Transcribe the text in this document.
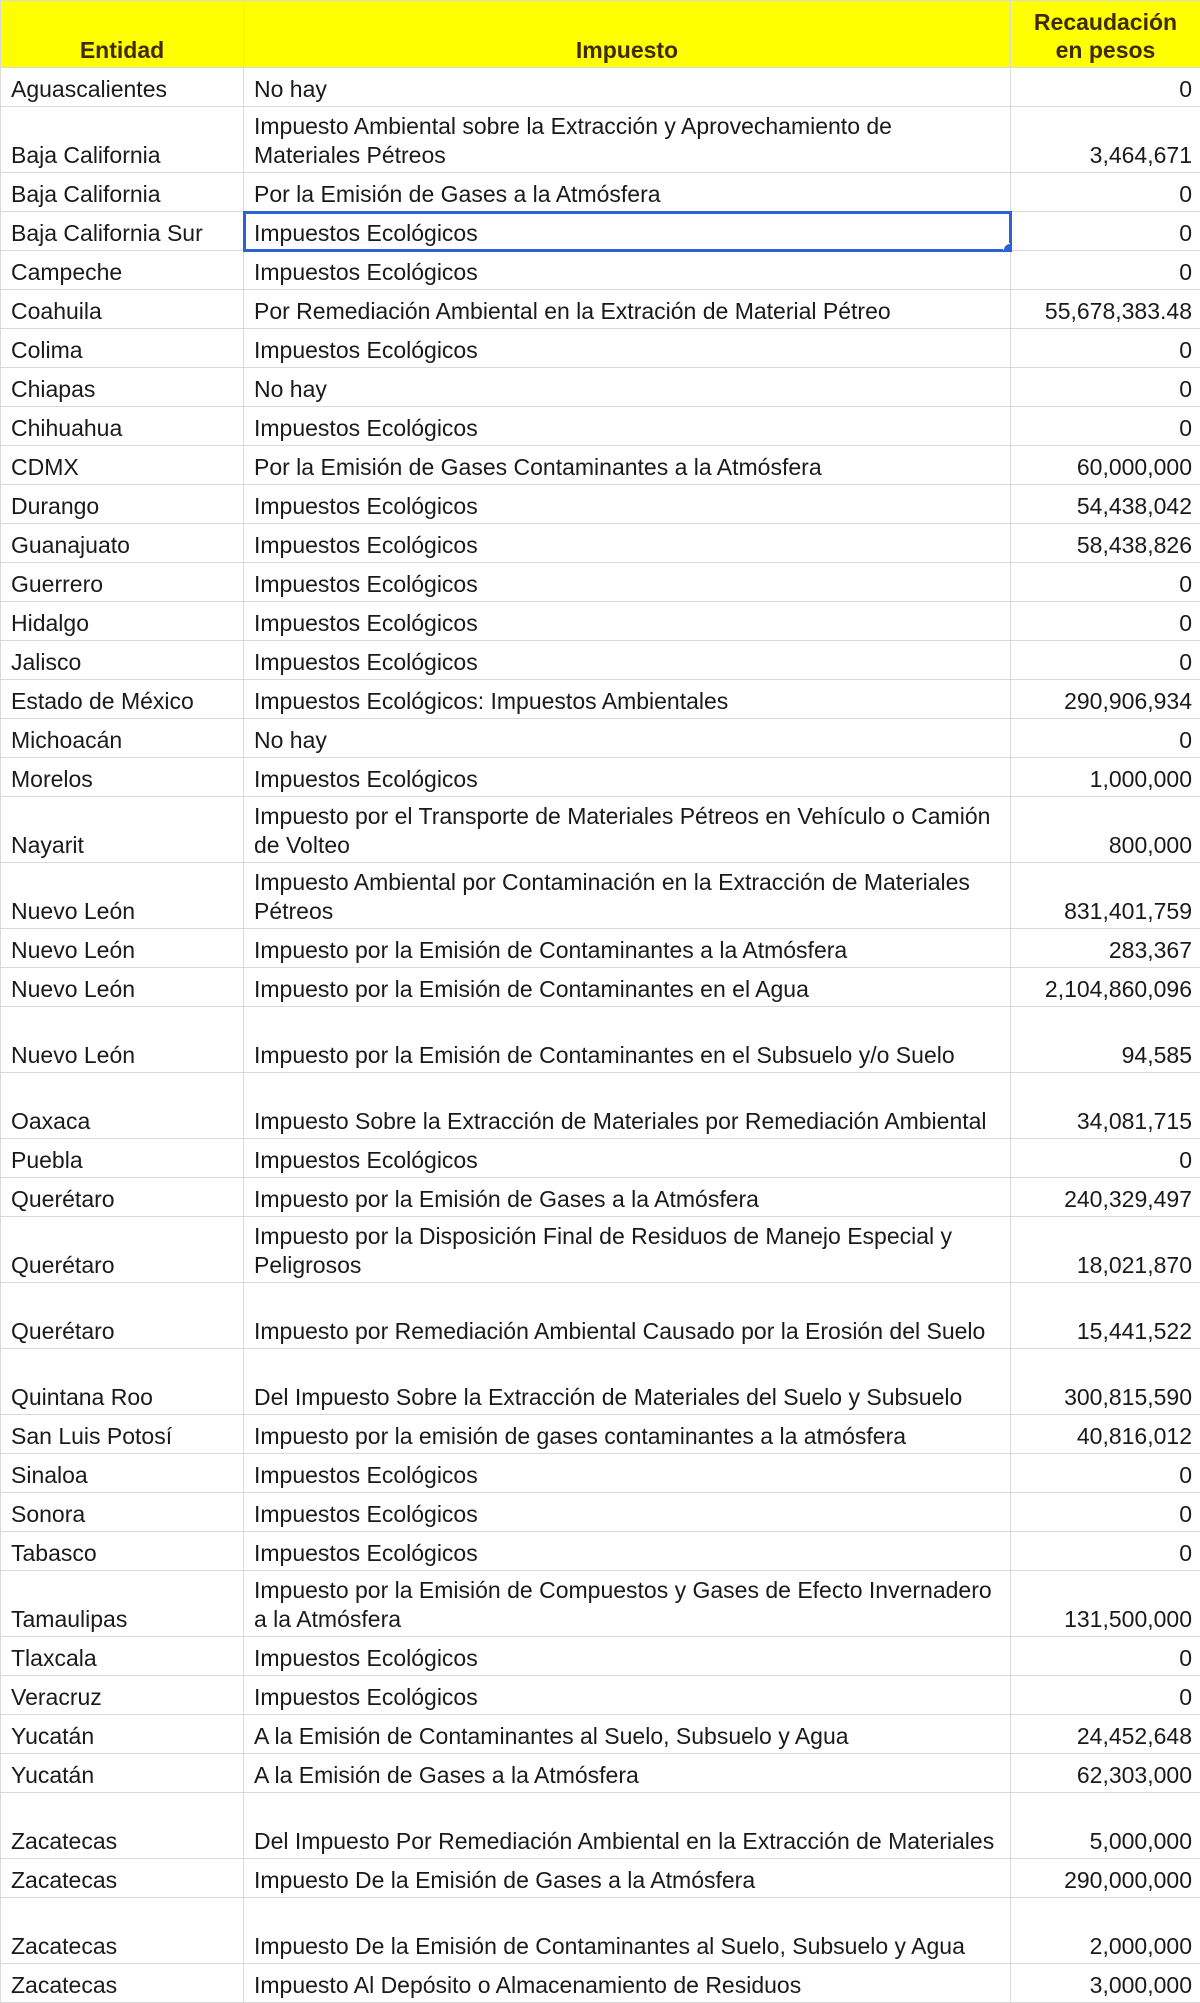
Entidad	Impuesto	Recaudación
en pesos

Aguascalientes	No hay	0
Baja California	Impuesto Ambiental sobre la Extracción y Aprovechamiento de Materiales Pétreos	3,464,671
Baja California	Por la Emisión de Gases a la Atmósfera	0
Baja California Sur	Impuestos Ecológicos	0
Campeche	Impuestos Ecológicos	0
Coahuila	Por Remediación Ambiental en la Extración de Material Pétreo	55,678,383.48
Colima	Impuestos Ecológicos	0
Chiapas	No hay	0
Chihuahua	Impuestos Ecológicos	0
CDMX	Por la Emisión de Gases Contaminantes a la Atmósfera	60,000,000
Durango	Impuestos Ecológicos	54,438,042
Guanajuato	Impuestos Ecológicos	58,438,826
Guerrero	Impuestos Ecológicos	0
Hidalgo	Impuestos Ecológicos	0
Jalisco	Impuestos Ecológicos	0
Estado de México	Impuestos Ecológicos: Impuestos Ambientales	290,906,934
Michoacán	No hay	0
Morelos	Impuestos Ecológicos	1,000,000
Nayarit	Impuesto por el Transporte de Materiales Pétreos en Vehículo o Camión de Volteo	800,000
Nuevo León	Impuesto Ambiental por Contaminación en la Extracción de Materiales Pétreos	831,401,759
Nuevo León	Impuesto por la Emisión de Contaminantes a la Atmósfera	283,367
Nuevo León	Impuesto por la Emisión de Contaminantes en el Agua	2,104,860,096
Nuevo León	Impuesto por la Emisión de Contaminantes en el Subsuelo y/o Suelo	94,585
Oaxaca	Impuesto Sobre la Extracción de Materiales por Remediación Ambiental	34,081,715
Puebla	Impuestos Ecológicos	0
Querétaro	Impuesto por la Emisión de Gases a la Atmósfera	240,329,497
Querétaro	Impuesto por la Disposición Final de Residuos de Manejo Especial y Peligrosos	18,021,870
Querétaro	Impuesto por Remediación Ambiental Causado por la Erosión del Suelo	15,441,522
Quintana Roo	Del Impuesto Sobre la Extracción de Materiales del Suelo y Subsuelo	300,815,590
San Luis Potosí	Impuesto por la emisión de gases contaminantes a la atmósfera	40,816,012
Sinaloa	Impuestos Ecológicos	0
Sonora	Impuestos Ecológicos	0
Tabasco	Impuestos Ecológicos	0
Tamaulipas	Impuesto por la Emisión de Compuestos y Gases de Efecto Invernadero a la Atmósfera	131,500,000
Tlaxcala	Impuestos Ecológicos	0
Veracruz	Impuestos Ecológicos	0
Yucatán	A la Emisión de Contaminantes al Suelo, Subsuelo y Agua	24,452,648
Yucatán	A la Emisión de Gases a la Atmósfera	62,303,000
Zacatecas	Del Impuesto Por Remediación Ambiental en la Extracción de Materiales	5,000,000
Zacatecas	Impuesto De la Emisión de Gases a la Atmósfera	290,000,000
Zacatecas	Impuesto De la Emisión de Contaminantes al Suelo, Subsuelo y Agua	2,000,000
Zacatecas	Impuesto Al Depósito o Almacenamiento de Residuos	3,000,000
